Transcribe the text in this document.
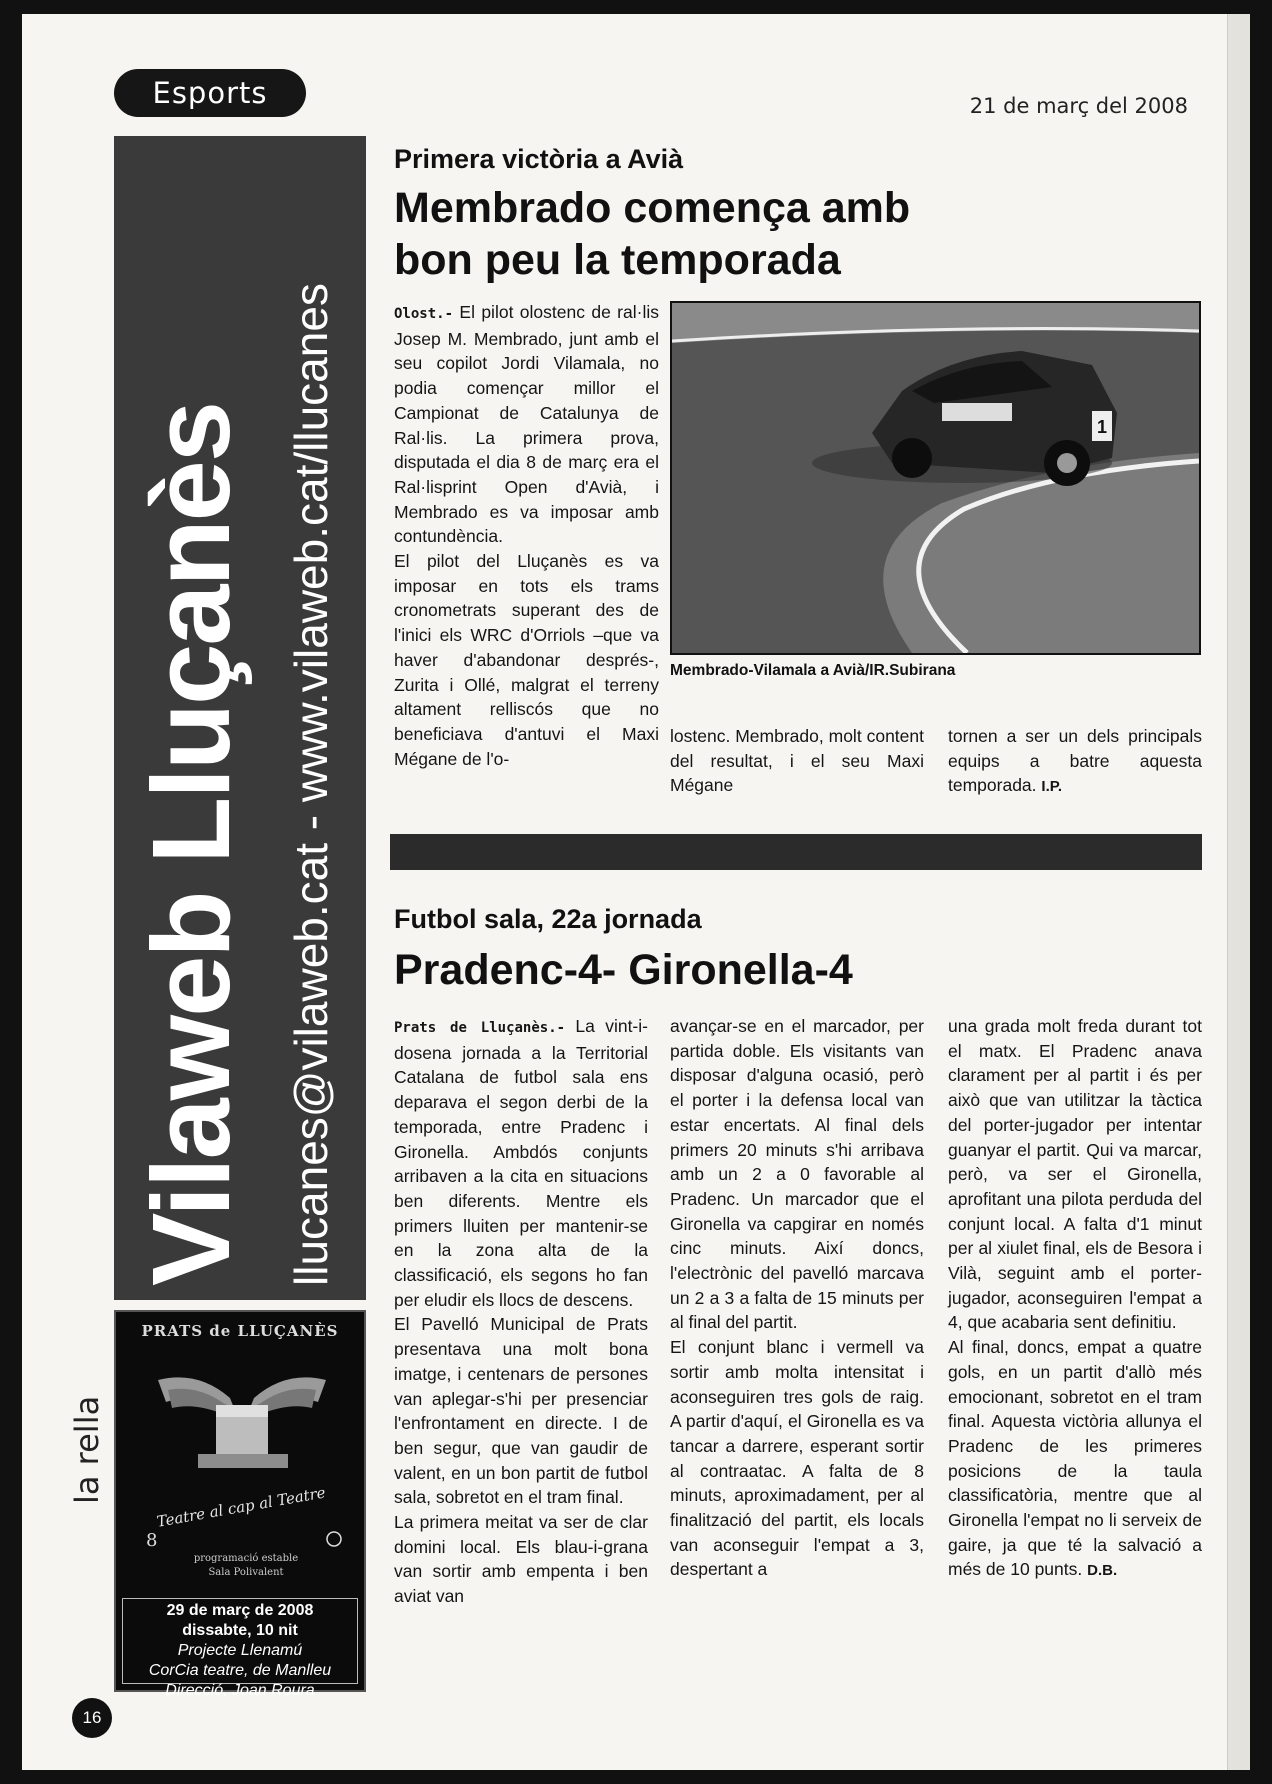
Esports	21 de març del 2008
Vilaweb Lluçanès llucanes@vilaweb.cat - www.vilaweb.cat/llucanes
PRATS de LLUÇANÈS
Teatre al cap al Teatre
8
programació estable
Sala Polivalent
29 de març de 2008
dissabte, 10 nit
Projecte Llenamú
CorCia teatre, de Manlleu
Direcció, Joan Roura
la rella
16
Primera victòria a Avià
Membrado comença amb bon peu la temporada

Olost.- El pilot olostenc de ral·lis Josep M. Membrado, junt amb el seu copilot Jordi Vilamala, no podia començar millor el Campionat de Catalunya de Ral·lis. La primera prova, disputada el dia 8 de març era el Ral·lisprint Open d'Avià, i Membrado es va imposar amb contundència.

El pilot del Lluçanès es va imposar en tots els trams cronometrats superant des de l'inici els WRC d'Orriols –que va haver d'abandonar després-, Zurita i Ollé, malgrat el terreny altament relliscós que no beneficiava d'antuvi el Maxi Mégane de l'o-

1
Membrado-Vilamala a Avià/IR.Subirana

lostenc. Membrado, molt content del resultat, i el seu Maxi Mégane

tornen a ser un dels principals equips a batre aquesta temporada. I.P.

Futbol sala, 22a jornada
Pradenc-4- Gironella-4

Prats de Lluçanès.- La vint-i-dosena jornada a la Territorial Catalana de futbol sala ens deparava el segon derbi de la temporada, entre Pradenc i Gironella. Ambdós conjunts arribaven a la cita en situacions ben diferents. Mentre els primers lluiten per mantenir-se en la zona alta de la classificació, els segons ho fan per eludir els llocs de descens.

El Pavelló Municipal de Prats presentava una molt bona imatge, i centenars de persones van aplegar-s'hi per presenciar l'enfrontament en directe. I de ben segur, que van gaudir de valent, en un bon partit de futbol sala, sobretot en el tram final.

La primera meitat va ser de clar domini local. Els blau-i-grana van sortir amb empenta i ben aviat van

avançar-se en el marcador, per partida doble. Els visitants van disposar d'alguna ocasió, però el porter i la defensa local van estar encertats. Al final dels primers 20 minuts s'hi arribava amb un 2 a 0 favorable al Pradenc. Un marcador que el Gironella va capgirar en només cinc minuts. Així doncs, l'electrònic del pavelló marcava un 2 a 3 a falta de 15 minuts per al final del partit.

El conjunt blanc i vermell va sortir amb molta intensitat i aconseguiren tres gols de raig. A partir d'aquí, el Gironella es va tancar a darrere, esperant sortir al contraatac. A falta de 8 minuts, aproximadament, per al finalització del partit, els locals van aconseguir l'empat a 3, despertant a

una grada molt freda durant tot el matx. El Pradenc anava clarament per al partit i és per això que van utilitzar la tàctica del porter-jugador per intentar guanyar el partit. Qui va marcar, però, va ser el Gironella, aprofitant una pilota perduda del conjunt local. A falta d'1 minut per al xiulet final, els de Besora i Vilà, seguint amb el porter-jugador, aconseguiren l'empat a 4, que acabaria sent definitiu.

Al final, doncs, empat a quatre gols, en un partit d'allò més emocionant, sobretot en el tram final. Aquesta victòria allunya el Pradenc de les primeres posicions de la taula classificatòria, mentre que al Gironella l'empat no li serveix de gaire, ja que té la salvació a més de 10 punts. D.B.
